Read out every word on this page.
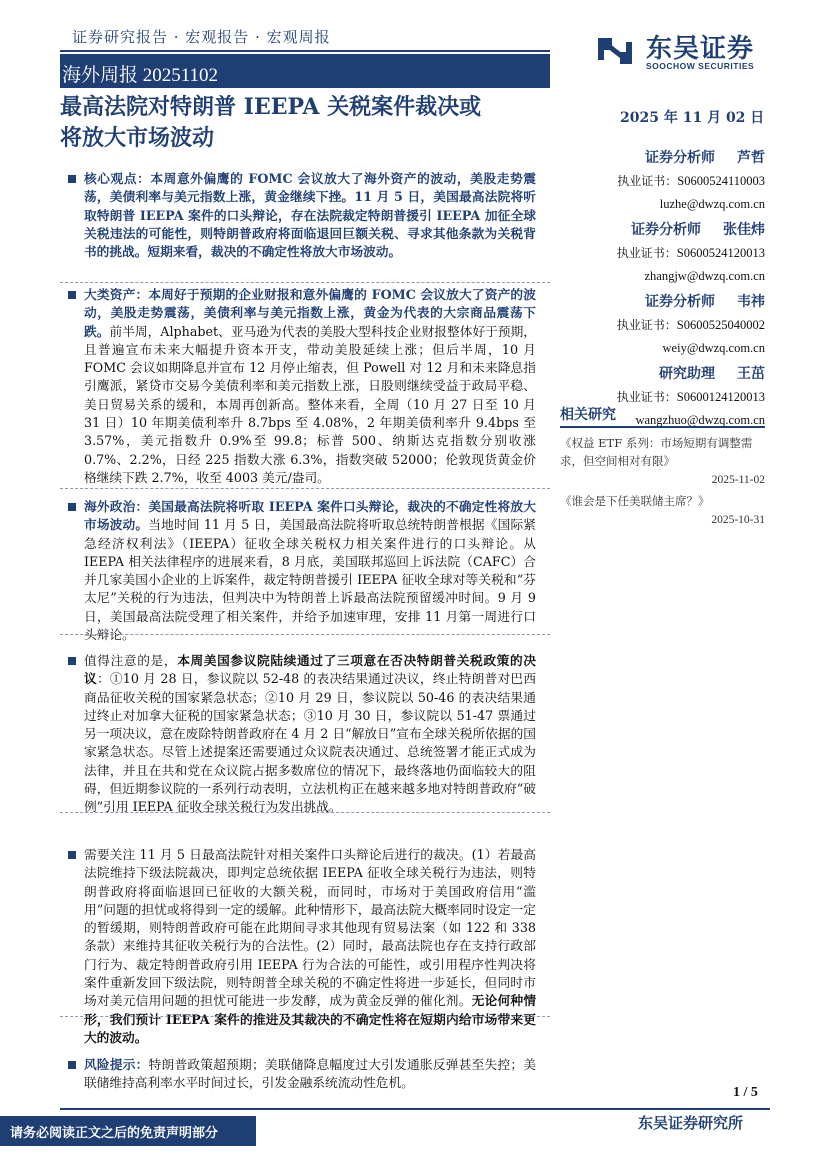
证券研究报告 · 宏观报告 · 宏观周报
海外周报 20251102
东吴证券
SOOCHOW SECURITIES
最高法院对特朗普 IEEPA 关税案件裁决或
将放大市场波动
2025 年 11 月 02 日
证券分析师 芦哲
执业证书：S0600524110003
luzhe@dwzq.com.cn
证券分析师 张佳炜
执业证书：S0600524120013
zhangjw@dwzq.com.cn
证券分析师 韦祎
执业证书：S0600525040002
weiy@dwzq.com.cn
研究助理 王茁
执业证书：S0600124120013
wangzhuo@dwzq.com.cn
相关研究
《权益 ETF 系列：市场短期有调整需求，但空间相对有限》
2025-11-02
《谁会是下任美联储主席？》
2025-10-31
核心观点：本周意外偏鹰的 FOMC 会议放大了海外资产的波动，美股走势震荡，美债利率与美元指数上涨，黄金继续下挫。11 月 5 日，美国最高法院将听取特朗普 IEEPA 案件的口头辩论，存在法院裁定特朗普援引 IEEPA 加征全球关税违法的可能性，则特朗普政府将面临退回巨额关税、寻求其他条款为关税背书的挑战。短期来看，裁决的不确定性将放大市场波动。
大类资产：本周好于预期的企业财报和意外偏鹰的 FOMC 会议放大了资产的波动，美股走势震荡，美债利率与美元指数上涨，黄金为代表的大宗商品震荡下跌。前半周，Alphabet、亚马逊为代表的美股大型科技企业财报整体好于预期，且普遍宣布未来大幅提升资本开支，带动美股延续上涨；但后半周，10 月 FOMC 会议如期降息并宣布 12 月停止缩表，但 Powell 对 12 月和未来降息指引鹰派，紧贷市交易今美债利率和美元指数上涨，日股则继续受益于政局平稳、美日贸易关系的缓和，本周再创新高。整体来看，全周（10 月 27 日至 10 月 31 日）10 年期美债利率升 8.7bps 至 4.08%，2 年期美债利率升 9.4bps 至 3.57%，美元指数升 0.9%至 99.8；标普 500、纳斯达克指数分别收涨 0.7%、2.2%，日经 225 指数大涨 6.3%，指数突破 52000；伦敦现货黄金价格继续下跌 2.7%，收至 4003 美元/盎司。
海外政治：美国最高法院将听取 IEEPA 案件口头辩论，裁决的不确定性将放大市场波动。当地时间 11 月 5 日，美国最高法院将听取总统特朗普根据《国际紧急经济权利法》（IEEPA）征收全球关税权力相关案件进行的口头辩论。从 IEEPA 相关法律程序的进展来看，8 月底，美国联邦巡回上诉法院（CAFC）合并几家美国小企业的上诉案件，裁定特朗普援引 IEEPA 征收全球对等关税和“芬太尼”关税的行为违法，但判决中为特朗普上诉最高法院预留缓冲时间。9 月 9 日，美国最高法院受理了相关案件，并给予加速审理，安排 11 月第一周进行口头辩论。
值得注意的是，本周美国参议院陆续通过了三项意在否决特朗普关税政策的决议：①10 月 28 日，参议院以 52-48 的表决结果通过决议，终止特朗普对巴西商品征收关税的国家紧急状态；②10 月 29 日，参议院以 50-46 的表决结果通过终止对加拿大征税的国家紧急状态；③10 月 30 日，参议院以 51-47 票通过另一项决议，意在废除特朗普政府在 4 月 2 日“解放日”宣布全球关税所依据的国家紧急状态。尽管上述提案还需要通过众议院表决通过、总统签署才能正式成为法律，并且在共和党在众议院占据多数席位的情况下，最终落地仍面临较大的阻碍，但近期参议院的一系列行动表明，立法机构正在越来越多地对特朗普政府“破例”引用 IEEPA 征收全球关税行为发出挑战。
需要关注 11 月 5 日最高法院针对相关案件口头辩论后进行的裁决。(1）若最高法院维持下级法院裁决，即判定总统依据 IEEPA 征收全球关税行为违法，则特朗普政府将面临退回已征收的大额关税，而同时，市场对于美国政府信用“滥用”问题的担忧或将得到一定的缓解。此种情形下，最高法院大概率同时设定一定的暂缓期，则特朗普政府可能在此期间寻求其他现有贸易法案（如 122 和 338 条款）来维持其征收关税行为的合法性。(2）同时，最高法院也存在支持行政部门行为、裁定特朗普政府引用 IEEPA 行为合法的可能性，或引用程序性判决将案件重新发回下级法院，则特朗普全球关税的不确定性将进一步延长，但同时市场对美元信用问题的担忧可能进一步发酵，成为黄金反弹的催化剂。无论何种情形，我们预计 IEEPA 案件的推进及其裁决的不确定性将在短期内给市场带来更大的波动。
风险提示：特朗普政策超预期；美联储降息幅度过大引发通胀反弹甚至失控；美联储维持高利率水平时间过长，引发金融系统流动性危机。
1 / 5
请务必阅读正文之后的免责声明部分
东吴证券研究所
